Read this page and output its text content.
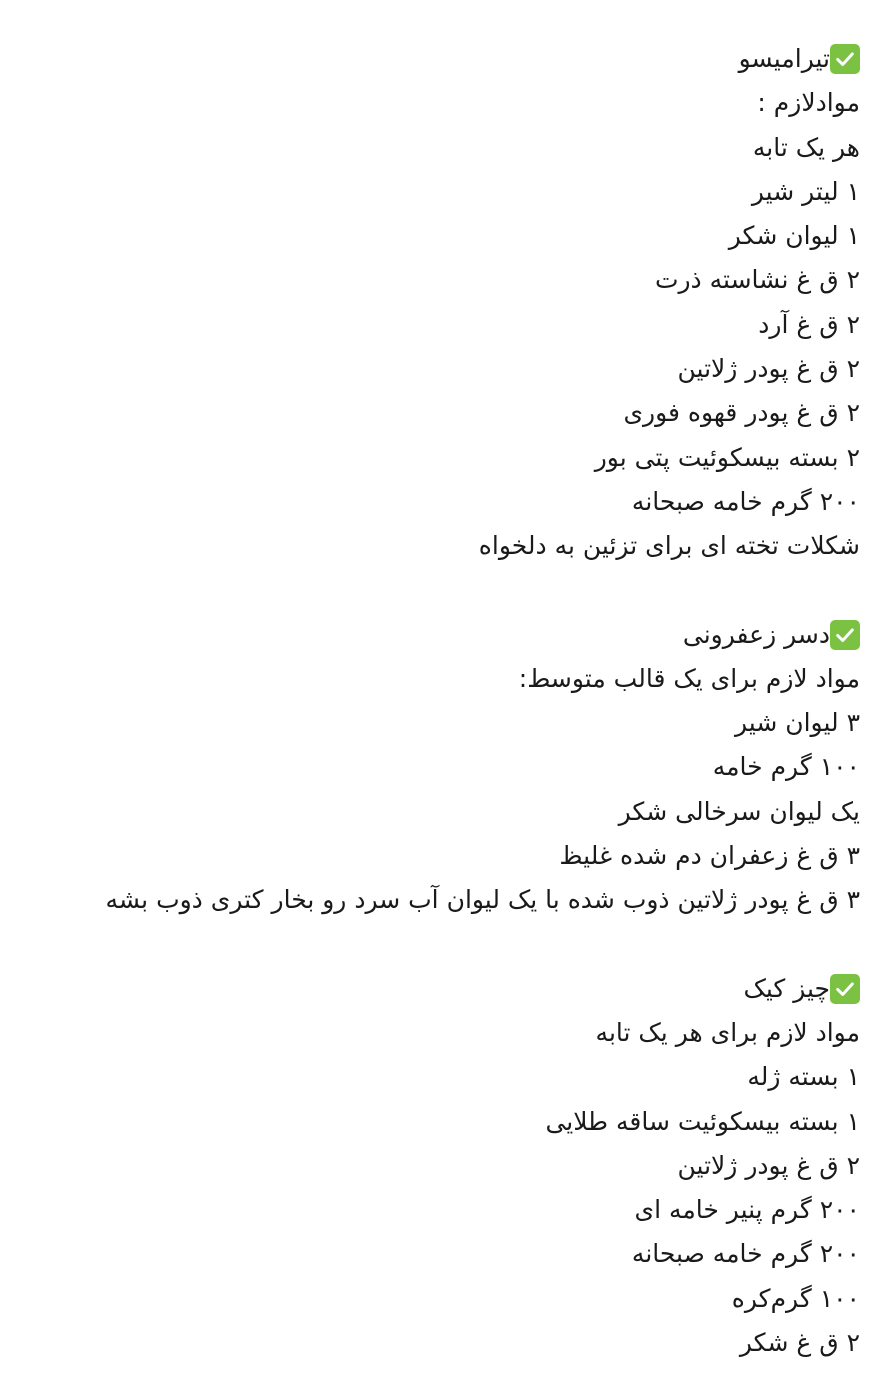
تیرامیسو
موادلازم :
هر یک تابه
۱ لیتر شیر
۱ لیوان شکر
۲ ق غ نشاسته ذرت
۲ ق غ آرد
۲ ق غ پودر ژلاتین
۲ ق غ پودر قهوه فوری
۲ بسته بیسکوئیت پتی بور
۲۰۰ گرم خامه صبحانه
شکلات تخته ای برای تزئین به دلخواه
دسر زعفرونی
مواد لازم برای یک قالب متوسط:
۳ لیوان شیر
۱۰۰ گرم خامه
یک لیوان سرخالی شکر
۳ ق غ زعفران دم شده غلیظ
۳ ق غ پودر ژلاتین ذوب شده با یک لیوان آب سرد رو بخار کتری ذوب بشه
چیز کیک
مواد لازم برای هر یک تابه
۱ بسته ژله
۱ بسته بیسکوئیت ساقه طلایی
۲ ق غ پودر ژلاتین
۲۰۰ گرم پنیر خامه ای
۲۰۰ گرم خامه صبحانه
۱۰۰ گرم‌کره
۲ ق غ شکر
